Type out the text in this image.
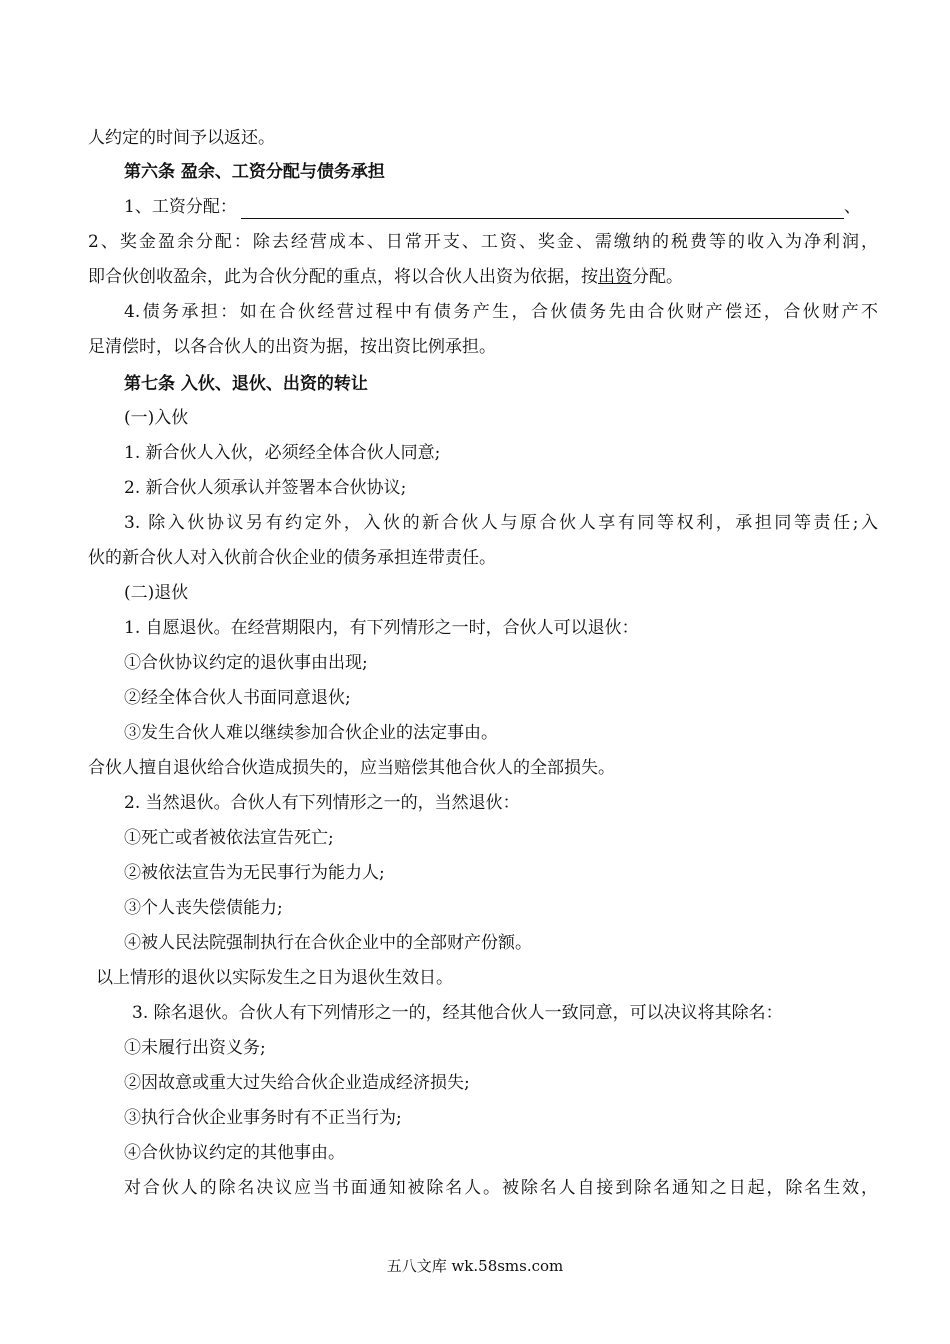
人约定的时间予以返还。
第六条 盈余、工资分配与债务承担
1、工资分配：	、
2、奖金盈余分配：除去经营成本、日常开支、工资、奖金、需缴纳的税费等的收入为净利润，
即合伙创收盈余，此为合伙分配的重点，将以合伙人出资为依据，按出资分配。
4.债务承担：如在合伙经营过程中有债务产生，合伙债务先由合伙财产偿还，合伙财产不
足清偿时，以各合伙人的出资为据，按出资比例承担。
第七条 入伙、退伙、出资的转让
(一)入伙
1. 新合伙人入伙，必须经全体合伙人同意;
2. 新合伙人须承认并签署本合伙协议;
3. 除入伙协议另有约定外，入伙的新合伙人与原合伙人享有同等权利，承担同等责任;入
伙的新合伙人对入伙前合伙企业的债务承担连带责任。
(二)退伙
1. 自愿退伙。在经营期限内，有下列情形之一时，合伙人可以退伙：
①合伙协议约定的退伙事由出现;
②经全体合伙人书面同意退伙;
③发生合伙人难以继续参加合伙企业的法定事由。
合伙人擅自退伙给合伙造成损失的，应当赔偿其他合伙人的全部损失。
2. 当然退伙。合伙人有下列情形之一的，当然退伙：
①死亡或者被依法宣告死亡;
②被依法宣告为无民事行为能力人;
③个人丧失偿债能力;
④被人民法院强制执行在合伙企业中的全部财产份额。
以上情形的退伙以实际发生之日为退伙生效日。
3. 除名退伙。合伙人有下列情形之一的，经其他合伙人一致同意，可以决议将其除名：
①未履行出资义务;
②因故意或重大过失给合伙企业造成经济损失;
③执行合伙企业事务时有不正当行为;
④合伙协议约定的其他事由。
对合伙人的除名决议应当书面通知被除名人。被除名人自接到除名通知之日起，除名生效，
五八文库 wk.58sms.com
